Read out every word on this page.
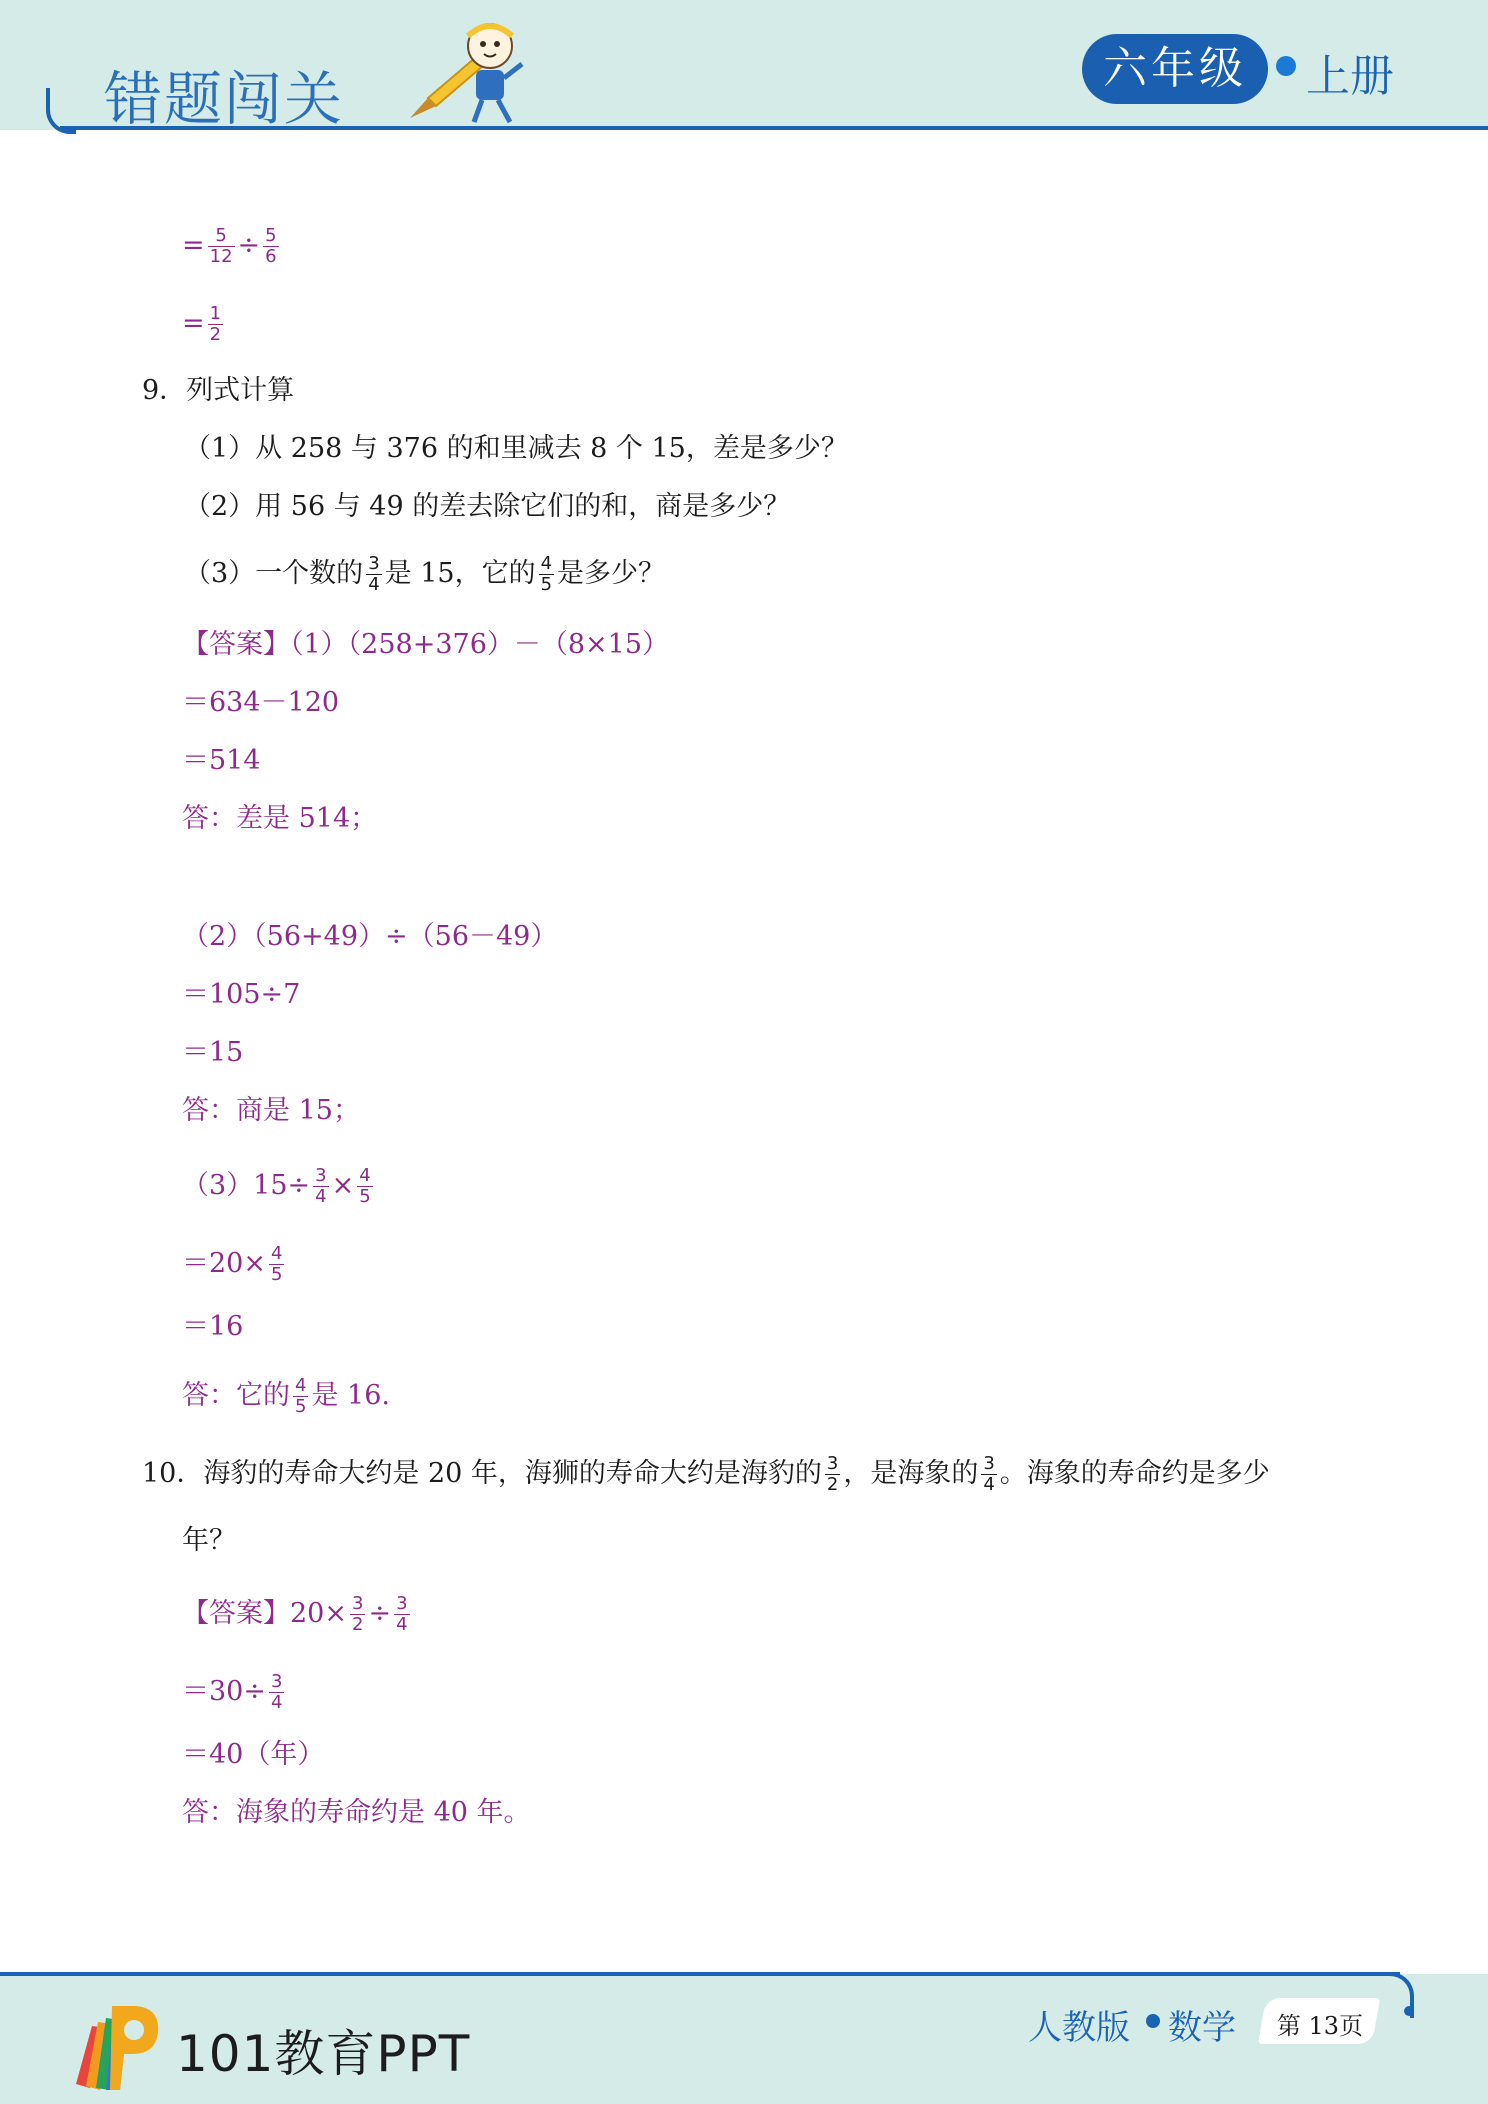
错题闯关	六年级	上册
= $\frac{5}{12} \div \frac{5}{6}$
= $\frac{1}{2}$
9．列式计算
（1）从 258 与 376 的和里减去 8 个 15，差是多少？
（2）用 56 与 49 的差去除它们的和，商是多少？
（3）一个数的 $\frac{3}{4}$ 是 15，它的 $\frac{4}{5}$ 是多少？
【答案】（1）（258+376）－（8×15）
＝634－120
＝514
答：差是 514；
（2）（56+49）÷（56－49）
＝105÷7
＝15
答：商是 15；
$(3)15\div \frac{3}{4} \times \frac{4}{5}$
$=20\times \frac{4}{5}$
＝16
答：它的 $\frac{4}{5}$ 是 16.
10．海豹的寿命大约是 20 年，海狮的寿命大约是海豹的 $\frac{3}{2}$ ，是海象的 $\frac{3}{4}$ 。海象的寿命约是多少
年？
【答案】$20\times \frac{3}{2} \div \frac{3}{4}$
$=30\div \frac{3}{4}$
＝40（年）
答：海象的寿命约是 40 年。
101教育PPT	人教版 数学 第 13页
